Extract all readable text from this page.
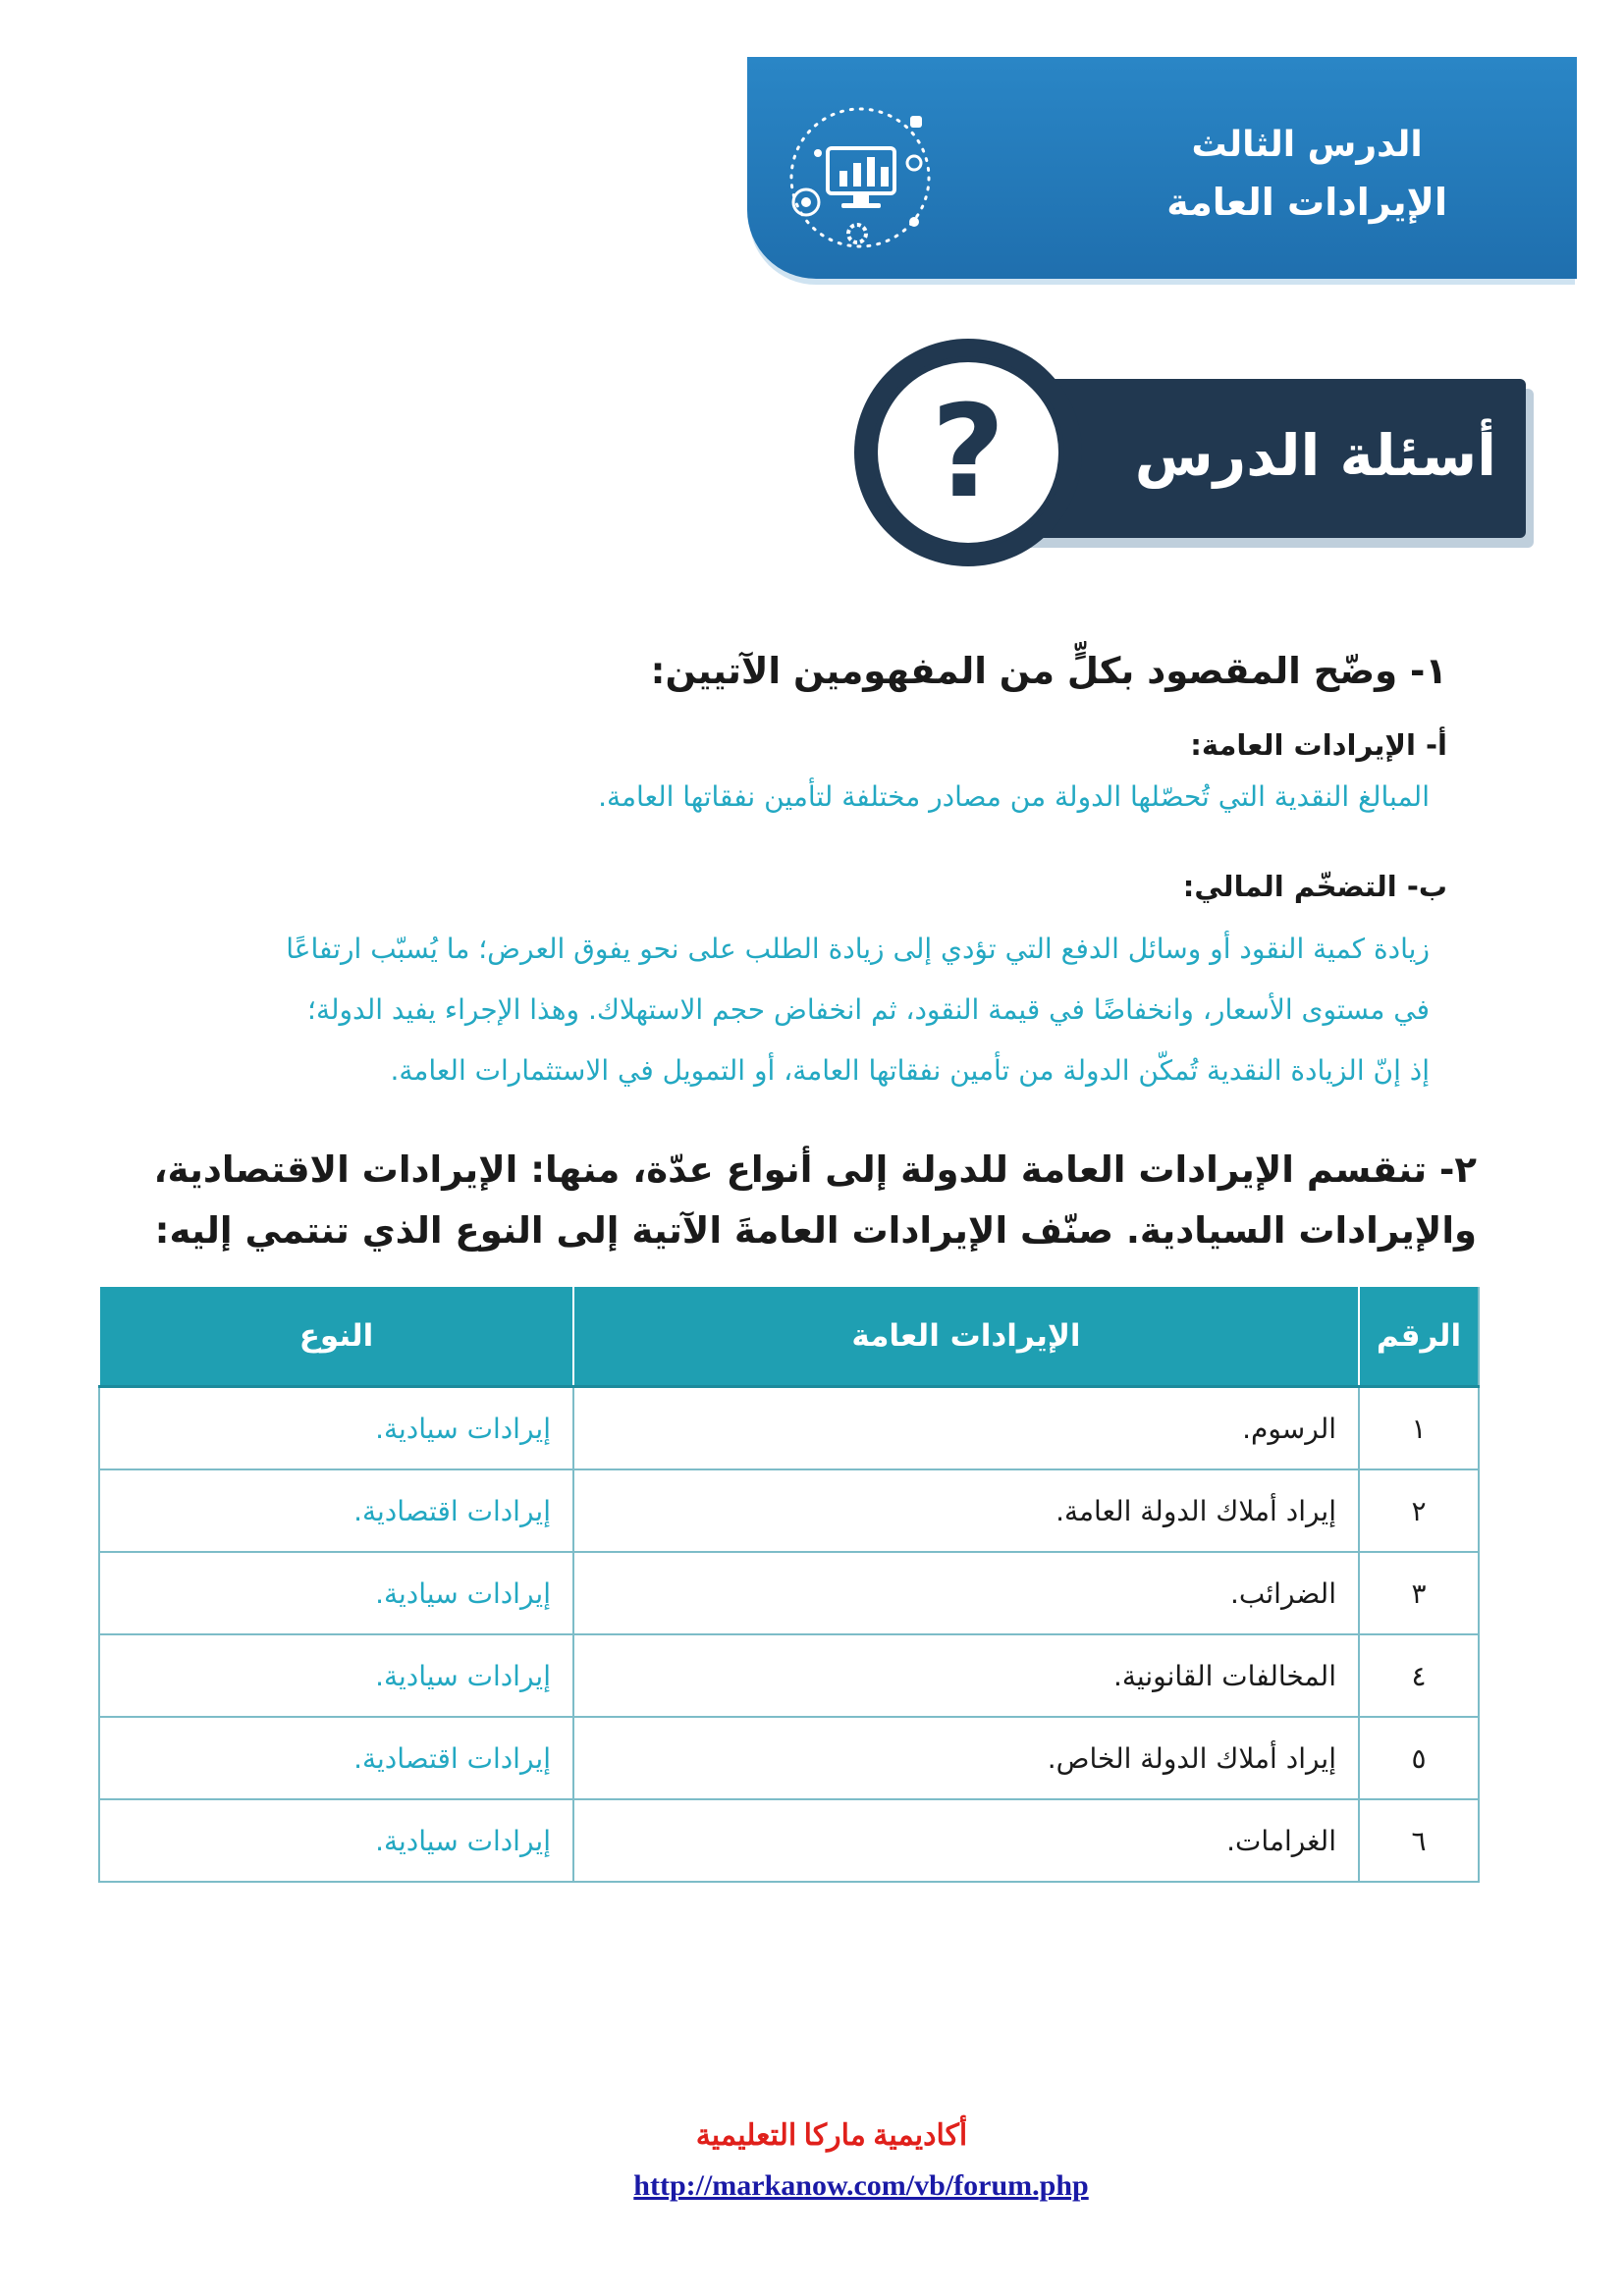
الدرس الثالث
الإيرادات العامة
أسئلة الدرس
?
١- وضّح المقصود بكلٍّ من المفهومين الآتيين:
أ- الإيرادات العامة:
المبالغ النقدية التي تُحصّلها الدولة من مصادر مختلفة لتأمين نفقاتها العامة.
ب- التضخّم المالي:
زيادة كمية النقود أو وسائل الدفع التي تؤدي إلى زيادة الطلب على نحو يفوق العرض؛ ما يُسبّب ارتفاعًا
في مستوى الأسعار، وانخفاضًا في قيمة النقود، ثم انخفاض حجم الاستهلاك. وهذا الإجراء يفيد الدولة؛
إذ إنّ الزيادة النقدية تُمكّن الدولة من تأمين نفقاتها العامة، أو التمويل في الاستثمارات العامة.
٢- تنقسم الإيرادات العامة للدولة إلى أنواع عدّة، منها: الإيرادات الاقتصادية،
والإيرادات السيادية. صنّف الإيرادات العامةَ الآتية إلى النوع الذي تنتمي إليه:
الرقم	الإيرادات العامة	النوع
١	الرسوم.	إيرادات سيادية.
٢	إيراد أملاك الدولة العامة.	إيرادات اقتصادية.
٣	الضرائب.	إيرادات سيادية.
٤	المخالفات القانونية.	إيرادات سيادية.
٥	إيراد أملاك الدولة الخاص.	إيرادات اقتصادية.
٦	الغرامات.	إيرادات سيادية.
أكاديمية ماركا التعليمية
http://markanow.com/vb/forum.php
